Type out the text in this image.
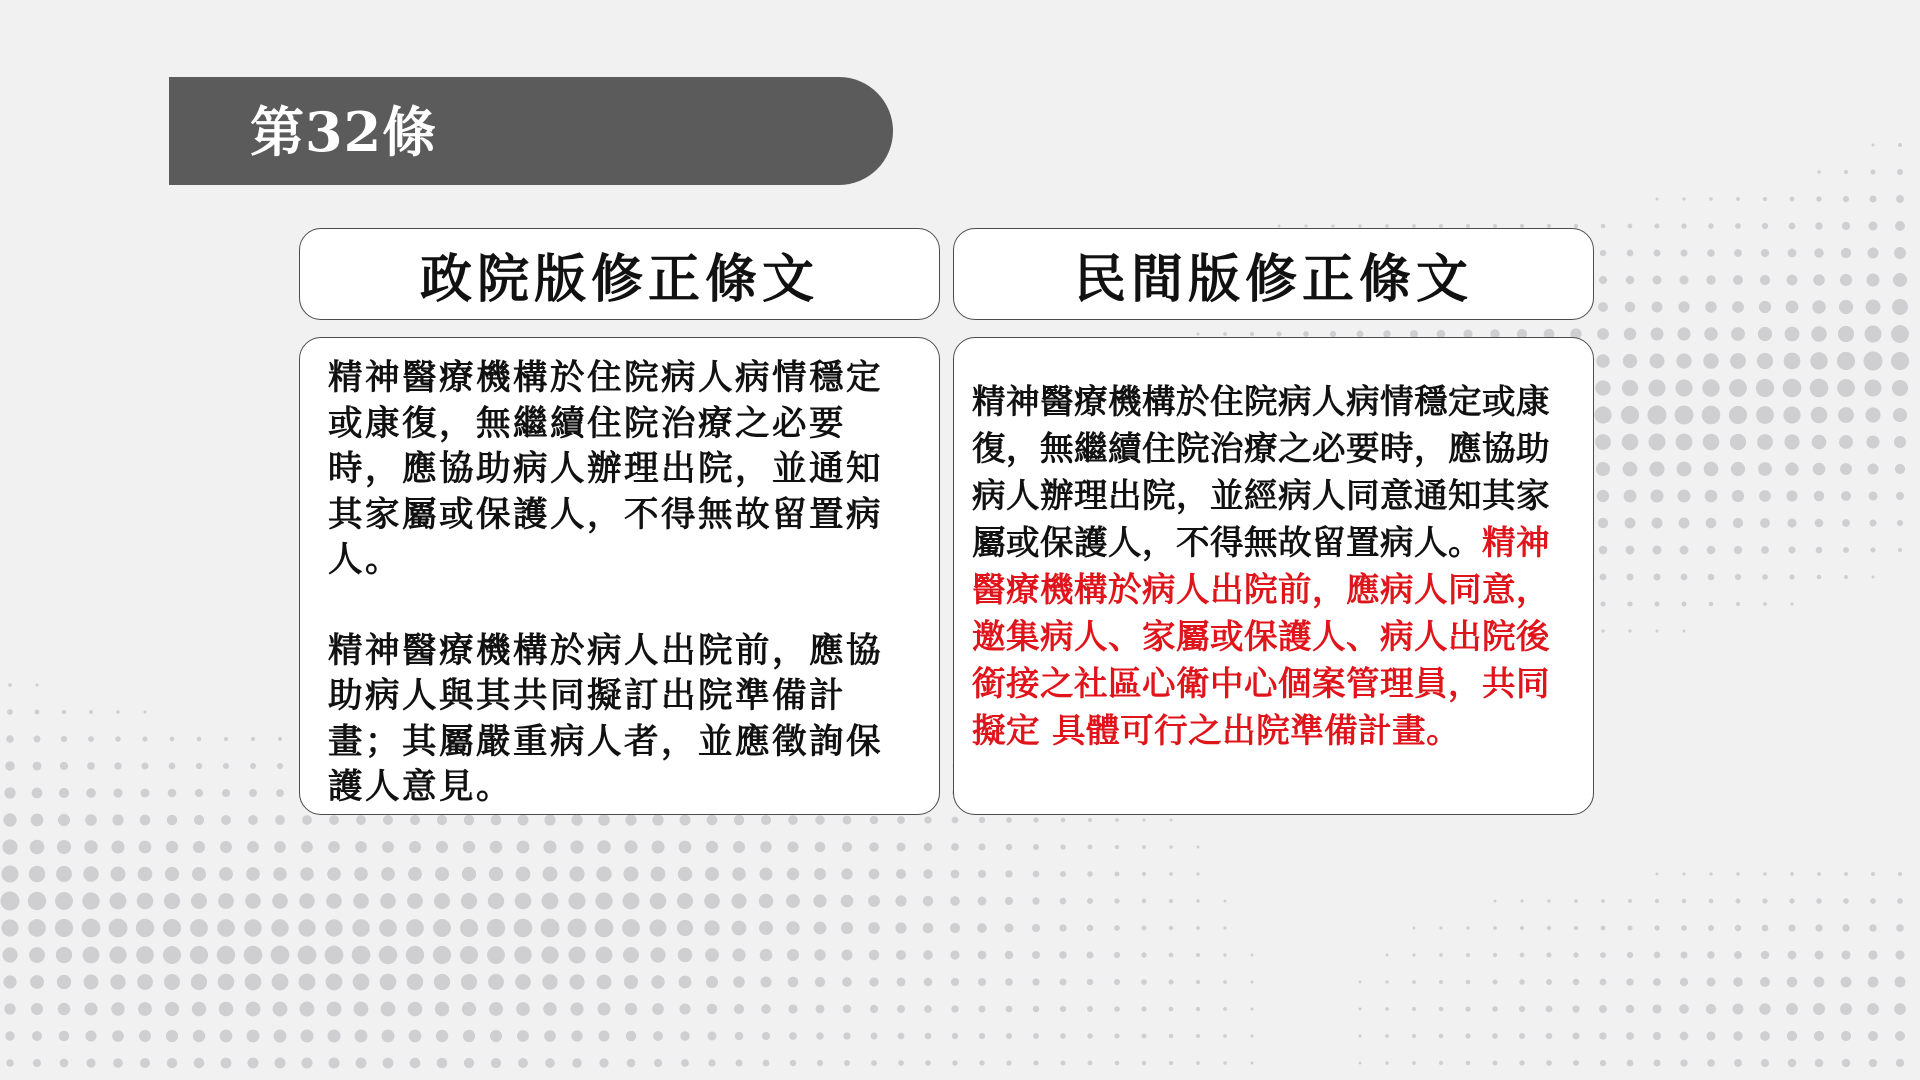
第32條
政院版修正條文	民間版修正條文

精神醫療機構於住院病人病情穩定或康復，無繼續住院治療之必要時，應協助病人辦理出院，並通知其家屬或保護人，不得無故留置病人。

精神醫療機構於病人出院前，應協助病人與其共同擬訂出院準備計畫；其屬嚴重病人者，並應徵詢保護人意見。

精神醫療機構於住院病人病情穩定或康復，無繼續住院治療之必要時，應協助病人辦理出院，並經病人同意通知其家屬或保護人，不得無故留置病人。精神醫療機構於病人出院前，應病人同意，邀集病人、家屬或保護人、病人出院後銜接之社區心衛中心個案管理員，共同擬定 具體可行之出院準備計畫。
